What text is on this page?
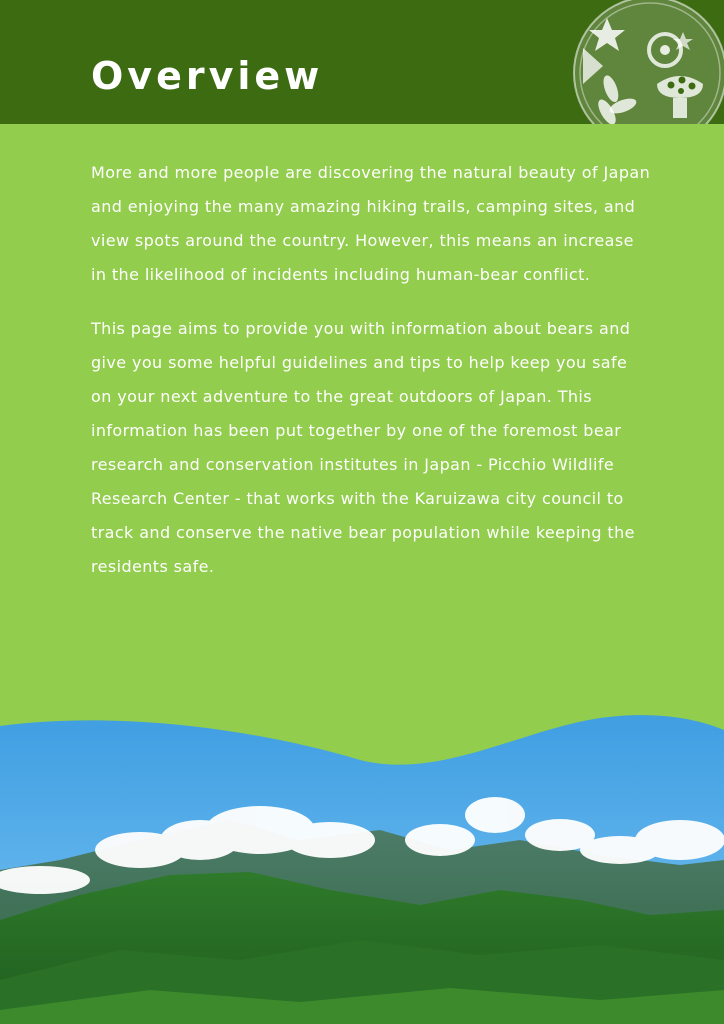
Overview

More and more people are discovering the natural beauty of Japan and enjoying the many amazing hiking trails, camping sites, and view spots around the country. However, this means an increase in the likelihood of incidents including human-bear conflict.

This page aims to provide you with information about bears and give you some helpful guidelines and tips to help keep you safe on your next adventure to the great outdoors of Japan. This information has been put together by one of the foremost bear research and conservation institutes in Japan - Picchio Wildlife Research Center - that works with the Karuizawa city council to track and conserve the native bear population while keeping the residents safe.
